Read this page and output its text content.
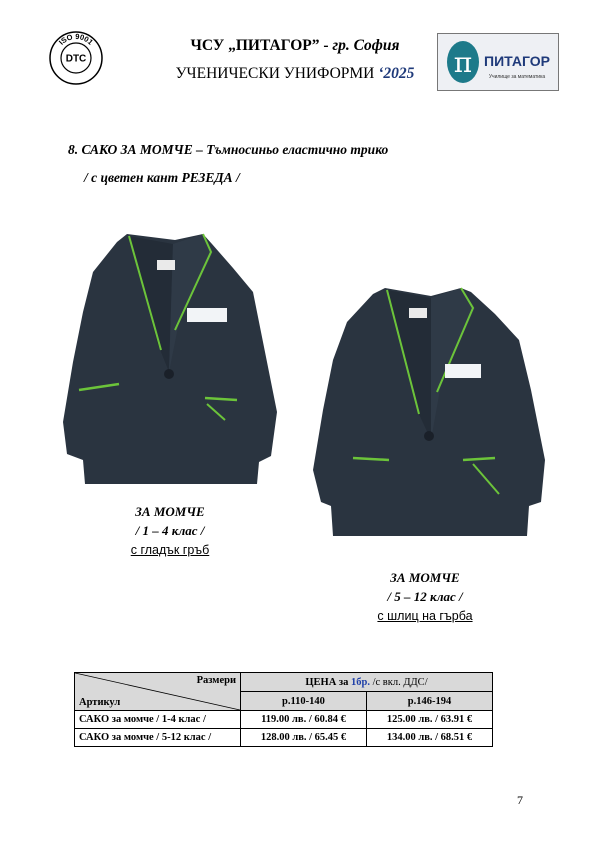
ISO 9001
DTC
ЧСУ „ПИТАГОР” - гр. София
УЧЕНИЧЕСКИ УНИФОРМИ ‘2025	π ПИТАГОР
Училище за математика
8. САКО ЗА МОМЧЕ – Тъмносиньо еластично трико
/ с цветен кант РЕЗЕДА /
ЗА МОМЧЕ
/ 1 – 4 клас /
с гладък гръб
ЗА МОМЧЕ
/ 5 – 12 клас /
с шлиц на гърба
Размери
Артикул	ЦЕНА за 1бр. /с вкл. ДДС/	
	р.110-140	р.146-194
САКО за момче / 1-4 клас /	119.00 лв. / 60.84 €	125.00 лв. / 63.91 €
САКО за момче / 5-12 клас /	128.00 лв. / 65.45 €	134.00 лв. / 68.51 €
7
